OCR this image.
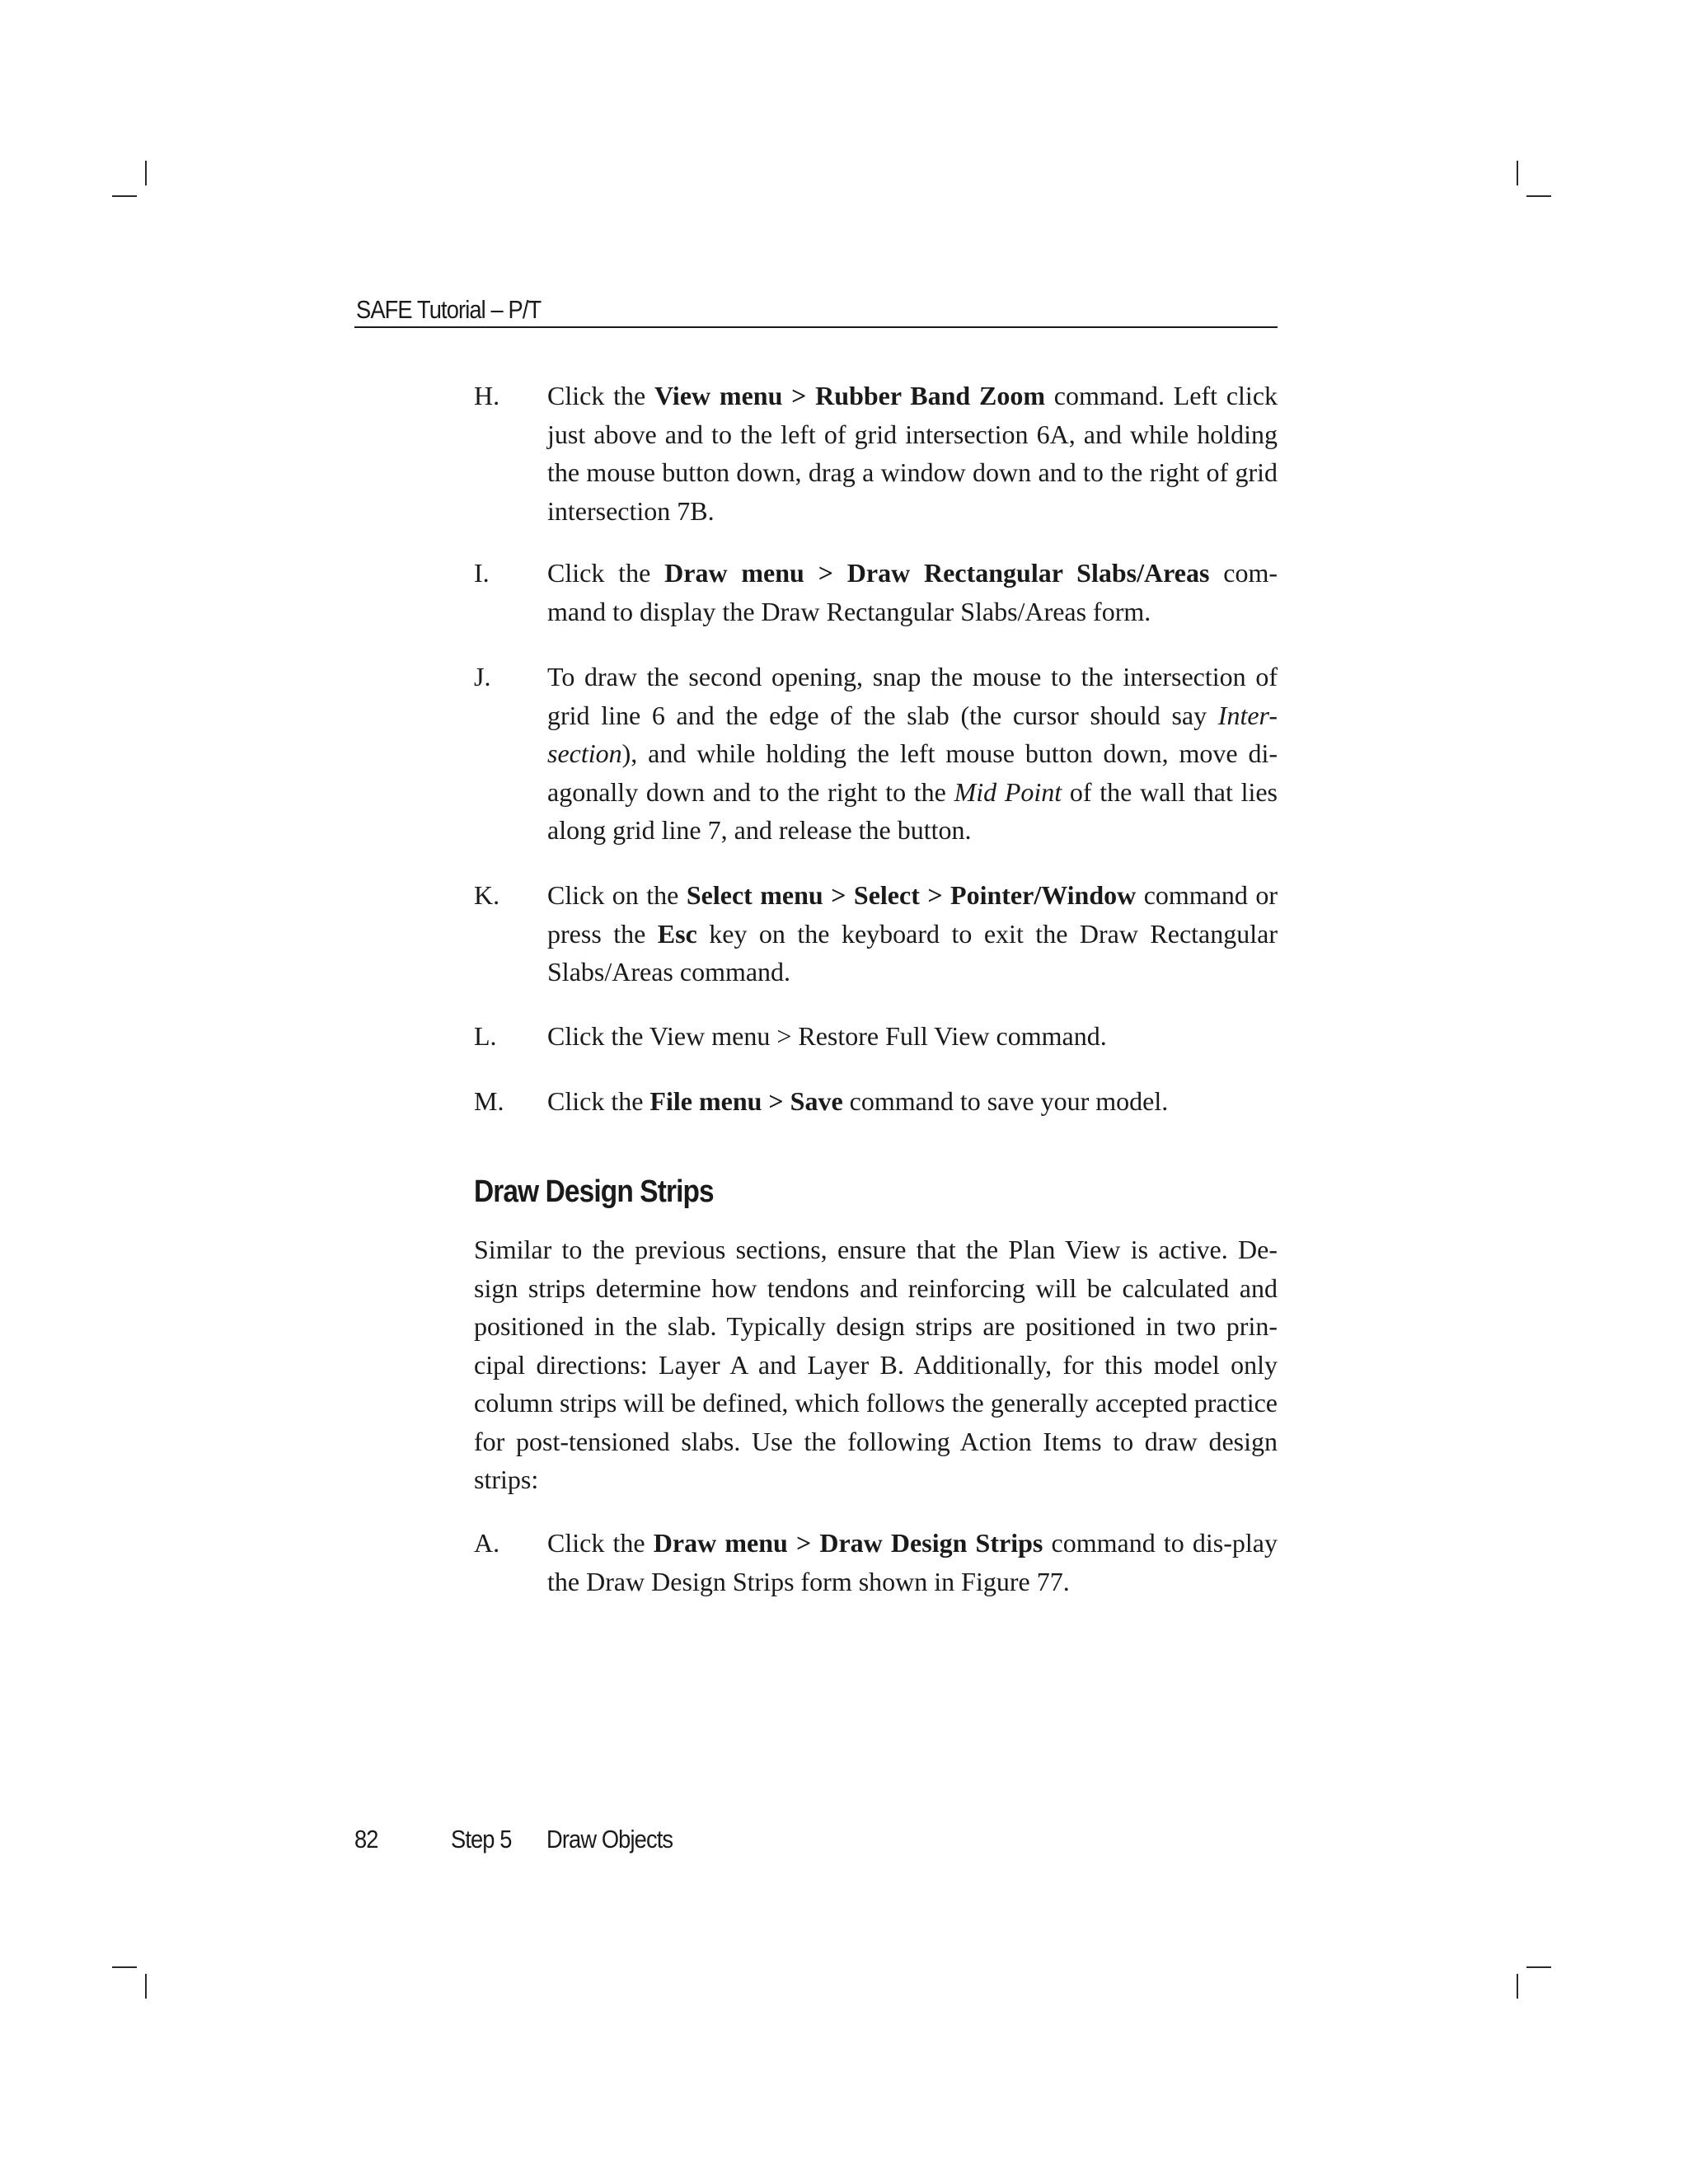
SAFE Tutorial – P/T
H. Click the View menu > Rubber Band Zoom command. Left click just above and to the left of grid intersection 6A, and while holding the mouse button down, drag a window down and to the right of grid intersection 7B.
I. Click the Draw menu > Draw Rectangular Slabs/Areas com-mand to display the Draw Rectangular Slabs/Areas form.
J. To draw the second opening, snap the mouse to the intersection of grid line 6 and the edge of the slab (the cursor should say Inter-section), and while holding the left mouse button down, move di-agonally down and to the right to the Mid Point of the wall that lies along grid line 7, and release the button.
K. Click on the Select menu > Select > Pointer/Window command or press the Esc key on the keyboard to exit the Draw Rectangular Slabs/Areas command.
L. Click the View menu > Restore Full View command.
M. Click the File menu > Save command to save your model.
Draw Design Strips
Similar to the previous sections, ensure that the Plan View is active. De-sign strips determine how tendons and reinforcing will be calculated and positioned in the slab. Typically design strips are positioned in two prin-cipal directions: Layer A and Layer B. Additionally, for this model only column strips will be defined, which follows the generally accepted practice for post-tensioned slabs. Use the following Action Items to draw design strips:
A. Click the Draw menu > Draw Design Strips command to dis-play the Draw Design Strips form shown in Figure 77.
82	Step 5 Draw Objects
